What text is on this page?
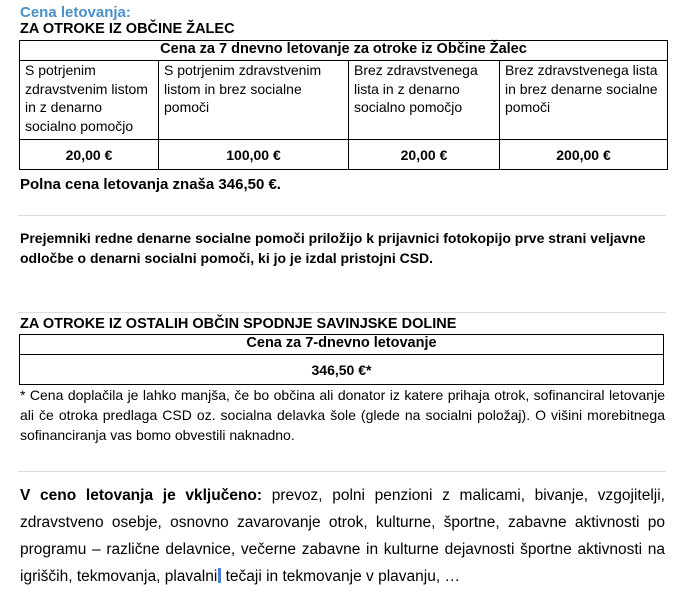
Cena letovanja:
ZA OTROKE IZ OBČINE ŽALEC
Cena za 7 dnevno letovanje za otroke iz Občine Žalec			
S potrjenim zdravstvenim listom in z denarno socialno pomočjo	S potrjenim zdravstvenim listom in brez socialne pomoči	Brez zdravstvenega lista in z denarno socialno pomočjo	Brez zdravstvenega lista in brez denarne socialne pomoči
20,00 €	100,00 €	20,00 €	200,00 €
Polna cena letovanja znaša 346,50 €.
Prejemniki redne denarne socialne pomoči priložijo k prijavnici fotokopijo prve strani veljavne odločbe o denarni socialni pomoči, ki jo je izdal pristojni CSD.
ZA OTROKE IZ OSTALIH OBČIN SPODNJE SAVINJSKE DOLINE
Cena za 7-dnevno letovanje
346,50 €*
* Cena doplačila je lahko manjša, če bo občina ali donator iz katere prihaja otrok, sofinanciral letovanje ali če otroka predlaga CSD oz. socialna delavka šole (glede na socialni položaj). O višini morebitnega sofinanciranja vas bomo obvestili naknadno.
V ceno letovanja je vključeno: prevoz, polni penzioni z malicami, bivanje, vzgojitelji, zdravstveno osebje, osnovno zavarovanje otrok, kulturne, športne, zabavne aktivnosti po programu – različne delavnice, večerne zabavne in kulturne dejavnosti športne aktivnosti na igriščih, tekmovanja, plavalni tečaji in tekmovanje v plavanju, …
